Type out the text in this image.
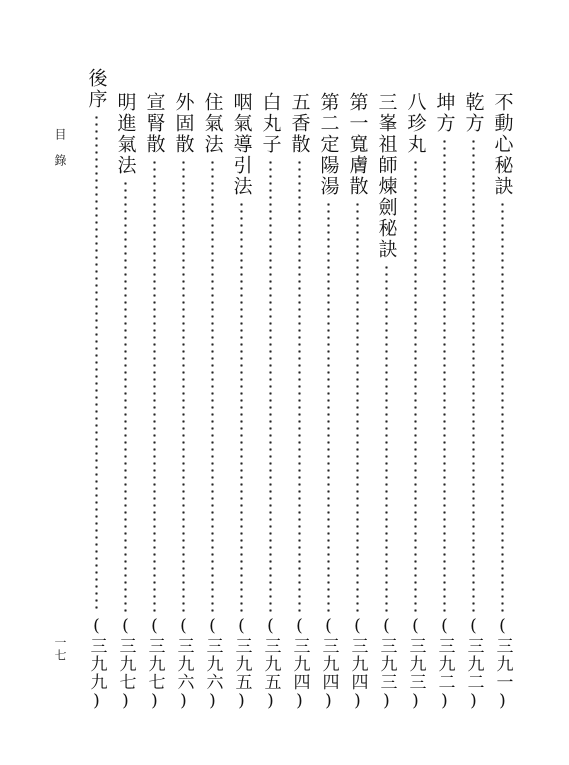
目錄
一七
不動心秘訣
(三九一)
乾方
(三九二)
坤方
(三九二)
八珍丸
(三九三)
三峯祖師煉劍秘訣
(三九三)
第一寬膚散
(三九四)
第二定陽湯
(三九四)
五香散
(三九四)
白丸子
(三九五)
咽氣導引法
(三九五)
住氣法
(三九六)
外固散
(三九六)
宣腎散
(三九七)
明進氣法
(三九七)
後序
(三九九)
